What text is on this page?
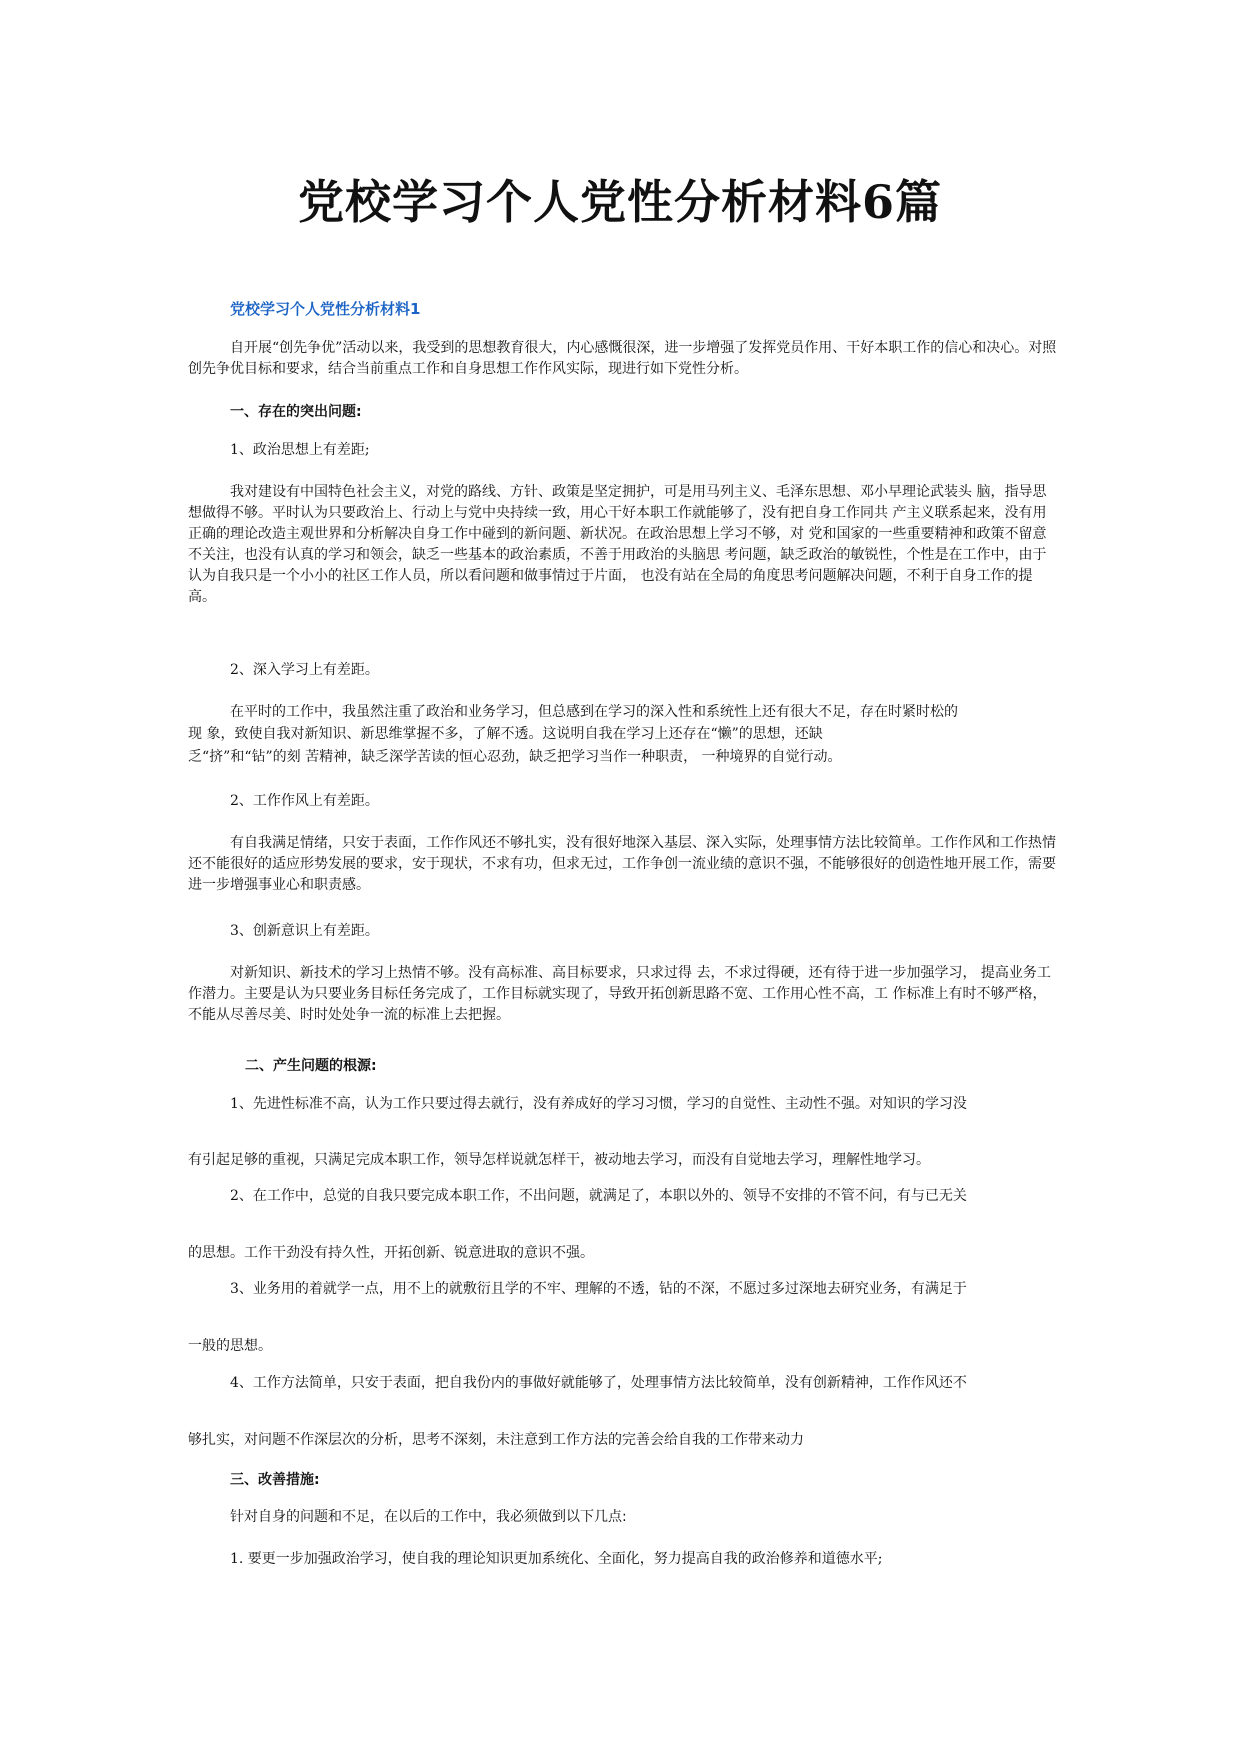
党校学习个人党性分析材料6篇
党校学习个人党性分析材料1
自开展“创先争优”活动以来，我受到的思想教育很大，内心感慨很深，进一步增强了发挥党员作用、干好本职工作的信心和决心。对照创先争优目标和要求，结合当前重点工作和自身思想工作作风实际，现进行如下党性分析。
一、存在的突出问题:
1、政治思想上有差距;
我对建设有中国特色社会主义，对党的路线、方针、政策是坚定拥护，可是用马列主义、毛泽东思想、邓小早理论武装头 脑，指导思想做得不够。平时认为只要政治上、行动上与党中央持续一致，用心干好本职工作就能够了，没有把自身工作同共 产主义联系起来，没有用正确的理论改造主观世界和分析解决自身工作中碰到的新问题、新状况。在政治思想上学习不够，对 党和国家的一些重要精神和政策不留意不关注，也没有认真的学习和领会，缺乏一些基本的政治素质，不善于用政治的头脑思 考问题，缺乏政治的敏锐性，个性是在工作中，由于认为自我只是一个小小的社区工作人员，所以看问题和做事情过于片面， 也没有站在全局的角度思考问题解决问题，不利于自身工作的提高。
2、深入学习上有差距。
在平时的工作中，我虽然注重了政治和业务学习，但总感到在学习的深入性和系统性上还有很大不足，存在时紧时松的
现 象，致使自我对新知识、新思维掌握不多，了解不透。这说明自我在学习上还存在“懒”的思想，还缺
乏“挤”和“钻”的刻 苦精神，缺乏深学苦读的恒心忍劲，缺乏把学习当作一种职责， 一种境界的自觉行动。
2、工作作风上有差距。
有自我满足情绪，只安于表面，工作作风还不够扎实，没有很好地深入基层、深入实际，处理事情方法比较简单。工作作风和工作热情还不能很好的适应形势发展的要求，安于现状，不求有功，但求无过，工作争创一流业绩的意识不强，不能够很好的创造性地开展工作，需要进一步增强事业心和职责感。
3、创新意识上有差距。
对新知识、新技术的学习上热情不够。没有高标准、高目标要求，只求过得 去，不求过得硬，还有待于进一步加强学习， 提高业务工作潜力。主要是认为只要业务目标任务完成了，工作目标就实现了，导致开拓创新思路不宽、工作用心性不高，工 作标准上有时不够严格，不能从尽善尽美、时时处处争一流的标准上去把握。
二、产生问题的根源:
1、先进性标准不高，认为工作只要过得去就行，没有养成好的学习习惯，学习的自觉性、主动性不强。对知识的学习没
有引起足够的重视，只满足完成本职工作，领导怎样说就怎样干，被动地去学习，而没有自觉地去学习，理解性地学习。
2、在工作中，总觉的自我只要完成本职工作，不出问题，就满足了，本职以外的、领导不安排的不管不问，有与已无关
的思想。工作干劲没有持久性，开拓创新、锐意进取的意识不强。
3、业务用的着就学一点，用不上的就敷衍且学的不牢、理解的不透，钻的不深，不愿过多过深地去研究业务，有满足于
一般的思想。
4、工作方法简单，只安于表面，把自我份内的事做好就能够了，处理事情方法比较简单，没有创新精神，工作作风还不
够扎实，对问题不作深层次的分析，思考不深刻，未注意到工作方法的完善会给自我的工作带来动力
三、改善措施:
针对自身的问题和不足，在以后的工作中，我必须做到以下几点:
1. 要更一步加强政治学习，使自我的理论知识更加系统化、全面化，努力提高自我的政治修养和道德水平;
